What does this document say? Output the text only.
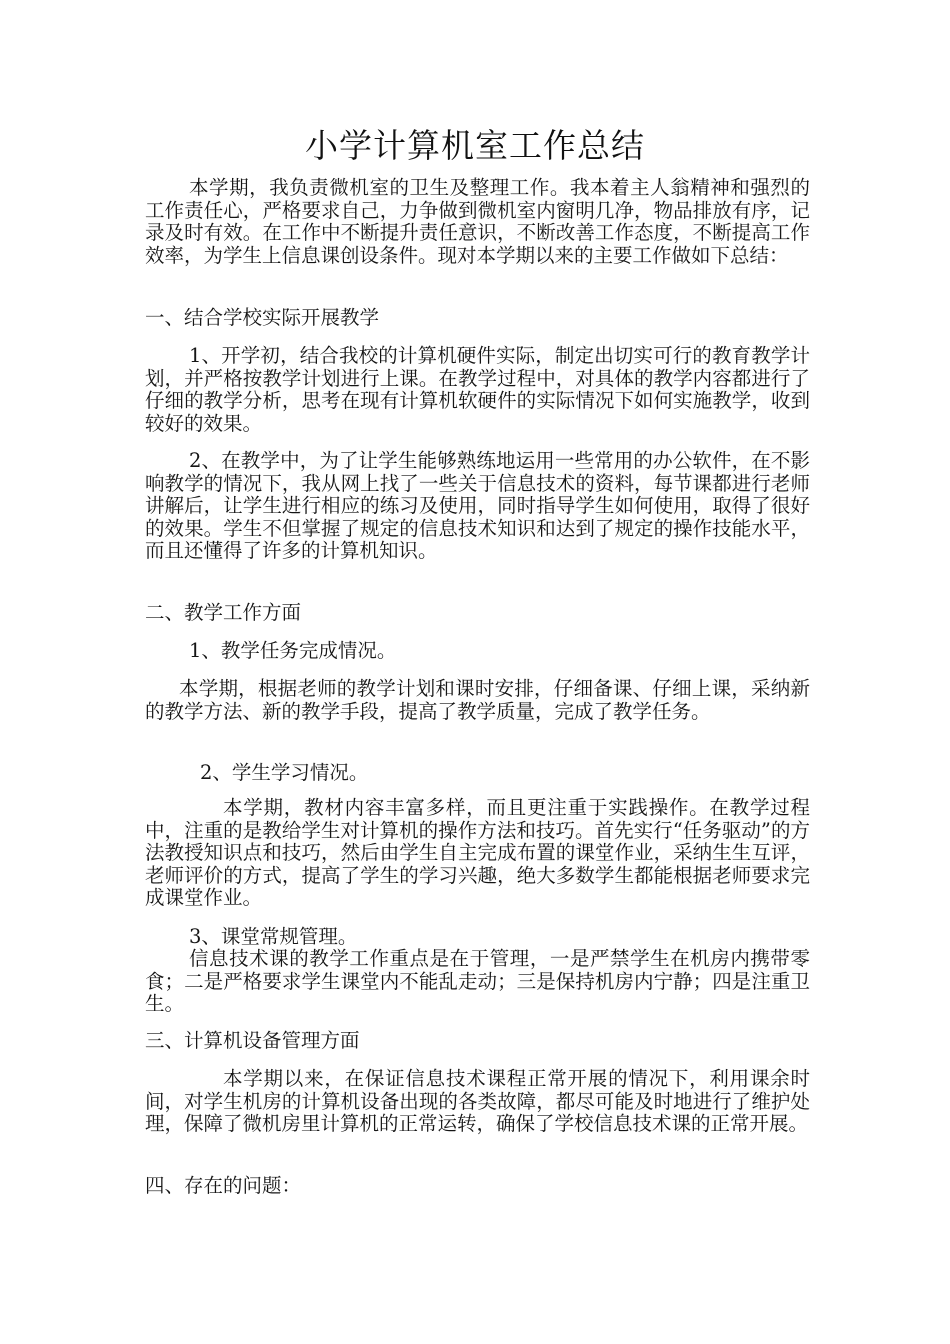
小学计算机室工作总结
本学期，我负责微机室的卫生及整理工作。我本着主人翁精神和强烈的工作责任心，严格要求自己，力争做到微机室内窗明几净，物品排放有序，记录及时有效。在工作中不断提升责任意识，不断改善工作态度，不断提高工作效率，为学生上信息课创设条件。现对本学期以来的主要工作做如下总结：
一、结合学校实际开展教学
1、开学初，结合我校的计算机硬件实际，制定出切实可行的教育教学计划，并严格按教学计划进行上课。在教学过程中，对具体的教学内容都进行了仔细的教学分析，思考在现有计算机软硬件的实际情况下如何实施教学，收到较好的效果。
2、在教学中，为了让学生能够熟练地运用一些常用的办公软件，在不影响教学的情况下，我从网上找了一些关于信息技术的资料，每节课都进行老师讲解后，让学生进行相应的练习及使用，同时指导学生如何使用，取得了很好的效果。学生不但掌握了规定的信息技术知识和达到了规定的操作技能水平，而且还懂得了许多的计算机知识。
二、教学工作方面
1、教学任务完成情况。
本学期，根据老师的教学计划和课时安排，仔细备课、仔细上课，采纳新的教学方法、新的教学手段，提高了教学质量，完成了教学任务。
2、学生学习情况。
本学期，教材内容丰富多样，而且更注重于实践操作。在教学过程中，注重的是教给学生对计算机的操作方法和技巧。首先实行“任务驱动”的方法教授知识点和技巧，然后由学生自主完成布置的课堂作业，采纳生生互评，老师评价的方式，提高了学生的学习兴趣，绝大多数学生都能根据老师要求完成课堂作业。
3、课堂常规管理。
信息技术课的教学工作重点是在于管理，一是严禁学生在机房内携带零食；二是严格要求学生课堂内不能乱走动；三是保持机房内宁静；四是注重卫生。
三、计算机设备管理方面
本学期以来，在保证信息技术课程正常开展的情况下，利用课余时间，对学生机房的计算机设备出现的各类故障，都尽可能及时地进行了维护处理，保障了微机房里计算机的正常运转，确保了学校信息技术课的正常开展。
四、存在的问题：
